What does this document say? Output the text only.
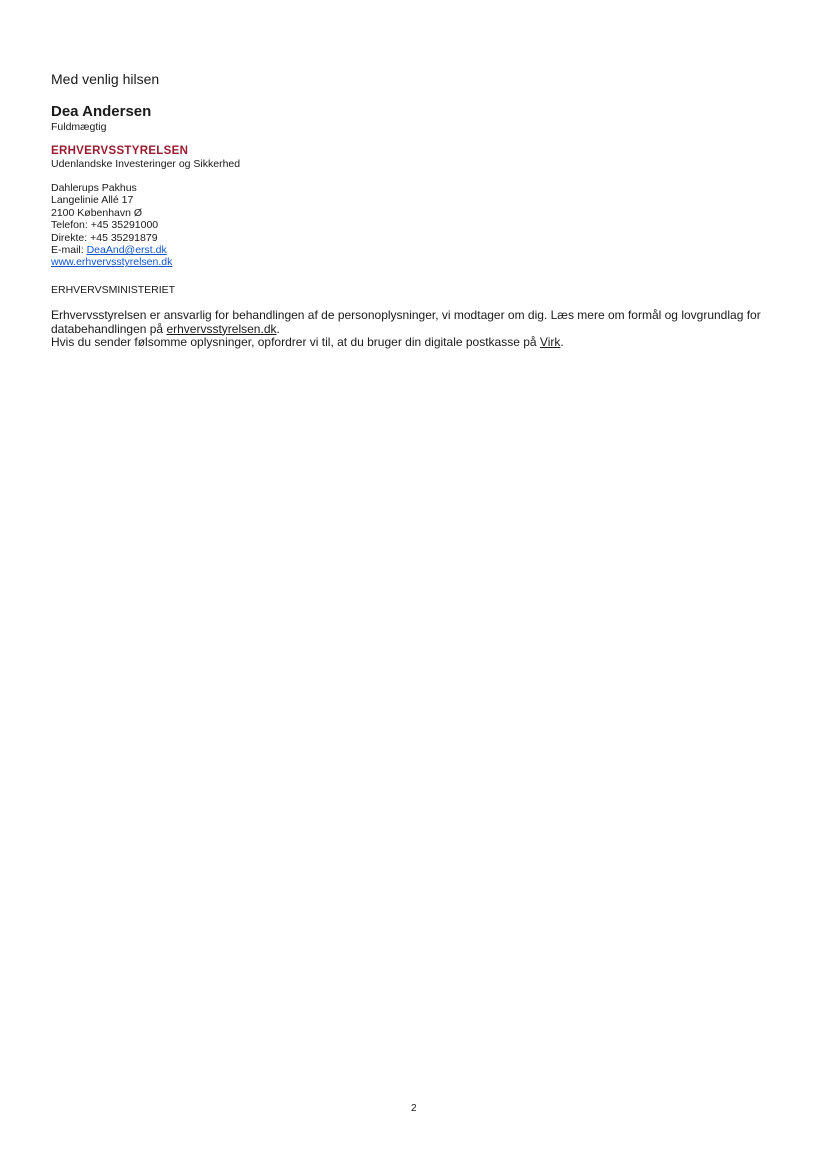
Med venlig hilsen
Dea Andersen
Fuldmægtig
ERHVERVSSTYRELSEN
Udenlandske Investeringer og Sikkerhed
Dahlerups Pakhus
Langelinie Allé 17
2100 København Ø
Telefon: +45 35291000
Direkte: +45 35291879
E-mail: DeaAnd@erst.dk
www.erhvervsstyrelsen.dk
ERHVERVSMINISTERIET
Erhvervsstyrelsen er ansvarlig for behandlingen af de personoplysninger, vi modtager om dig. Læs mere om formål og lovgrundlag for databehandlingen på erhvervsstyrelsen.dk.
Hvis du sender følsomme oplysninger, opfordrer vi til, at du bruger din digitale postkasse på Virk.
2
